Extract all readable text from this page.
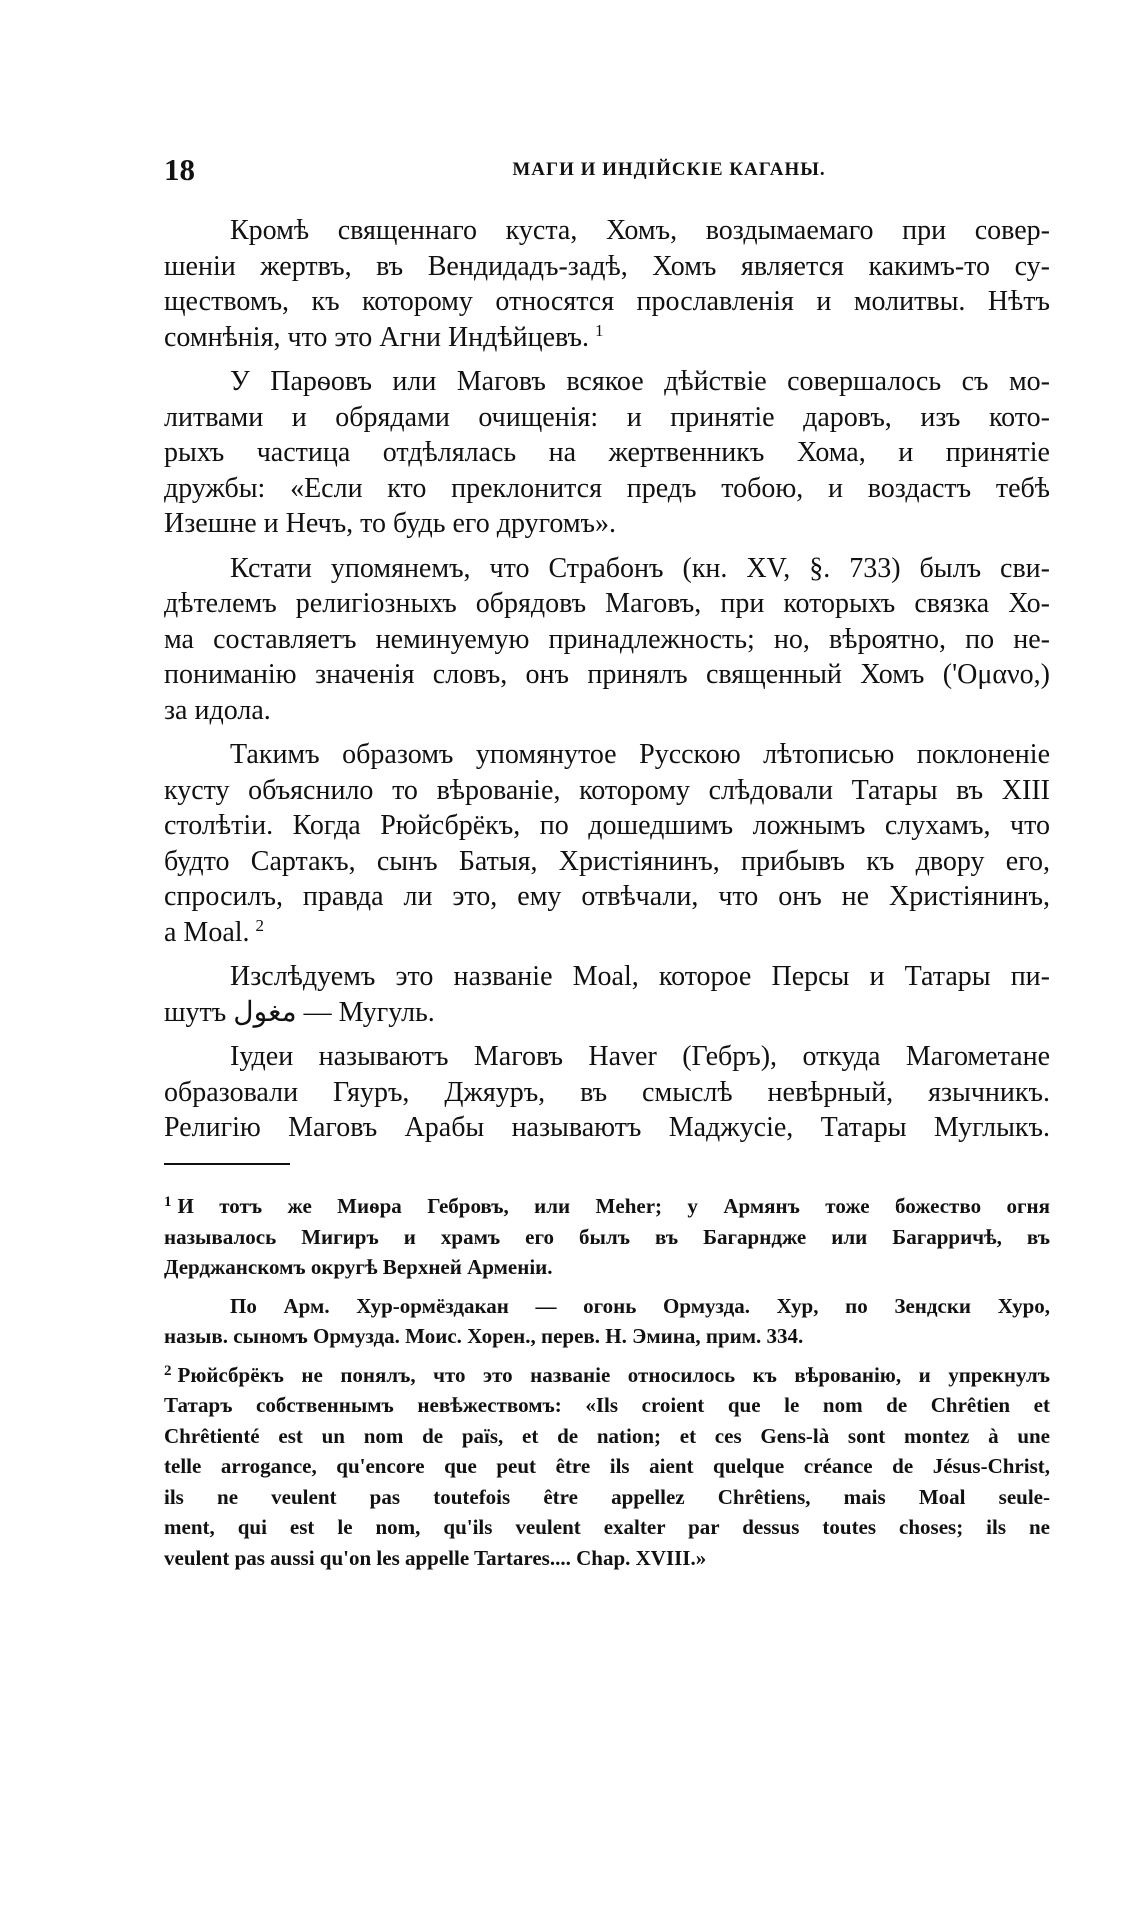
18	МАГИ И ИНДІЙСКІЕ КАГАНЫ.
Кромѣ священнаго куста, Хомъ, воздымаемаго при совер-
шеніи жертвъ, въ Вендидадъ-задѣ, Хомъ является какимъ-то су-
ществомъ, къ которому относятся прославленія и молитвы. Нѣтъ
сомнѣнія, что это Агни Индѣйцевъ. $^1$
У Парѳовъ или Маговъ всякое дѣйствіе совершалось съ мо-
литвами и обрядами очищенія: и принятіе даровъ, изъ кото-
рыхъ частица отдѣлялась на жертвенникъ Хома, и принятіе
дружбы: «Если кто преклонится предъ тобою, и воздастъ тебѣ
Изешне и Нечъ, то будь его другомъ».
Кстати упомянемъ, что Страбонъ (кн. XV, §. 733) былъ сви-
дѣтелемъ религіозныхъ обрядовъ Маговъ, при которыхъ связка Хо-
ма составляетъ неминуемую принадлежность; но, вѣроятно, по не-
пониманію значенія словъ, онъ принялъ священный Хомъ ('Ομανο,)
за идола.
Такимъ образомъ упомянутое Русскою лѣтописью поклоненіе
кусту объяснило то вѣрованіе, которому слѣдовали Татары въ XIII
столѣтіи. Когда Рюйсбрёкъ, по дошедшимъ ложнымъ слухамъ, что
будто Сартакъ, сынъ Батыя, Христіянинъ, прибывъ къ двору его,
спросилъ, правда ли это, ему отвѣчали, что онъ не Христіянинъ,
а Moal. $^2$
Изслѣдуемъ это названіе Moal, которое Персы и Татары пи-
шутъ مغول — Мугуль.
Іудеи называютъ Маговъ Haver (Гебръ), откуда Магометане
образовали Гяуръ, Джяуръ, въ смыслѣ невѣрный, язычникъ.
Религію Маговъ Арабы называютъ Маджусіе, Татары Муглыкъ.
$^1$ И тотъ же Миѳра Гебровъ, или Meher; у Армянъ тоже божество огня
называлось Мигиръ и храмъ его былъ въ Багарндже или Багарричѣ, въ
Дерджанскомъ округѣ Верхней Арменіи.
По Арм. Хур-ормёздакан — огонь Ормузда. Хур, по Зендски Хуро,
назыв. сыномъ Ормузда. Моис. Хорен., перев. Н. Эмина, прим. 334.
$^2$ Рюйсбрёкъ не понялъ, что это названіе относилось къ вѣрованію, и упрекнулъ
Татаръ собственнымъ невѣжествомъ: «Ils croient que le nom de Chrêtien et
Chrêtienté est un nom de païs, et de nation; et ces Gens-là sont montez à une
telle arrogance, qu'encore que peut être ils aient quelque créance de Jésus-Christ,
ils ne veulent pas toutefois être appellez Chrêtiens, mais Moal seule-
ment, qui est le nom, qu'ils veulent exalter par dessus toutes choses; ils ne
veulent pas aussi qu'on les appelle Tartares.... Chap. XVIII.»
